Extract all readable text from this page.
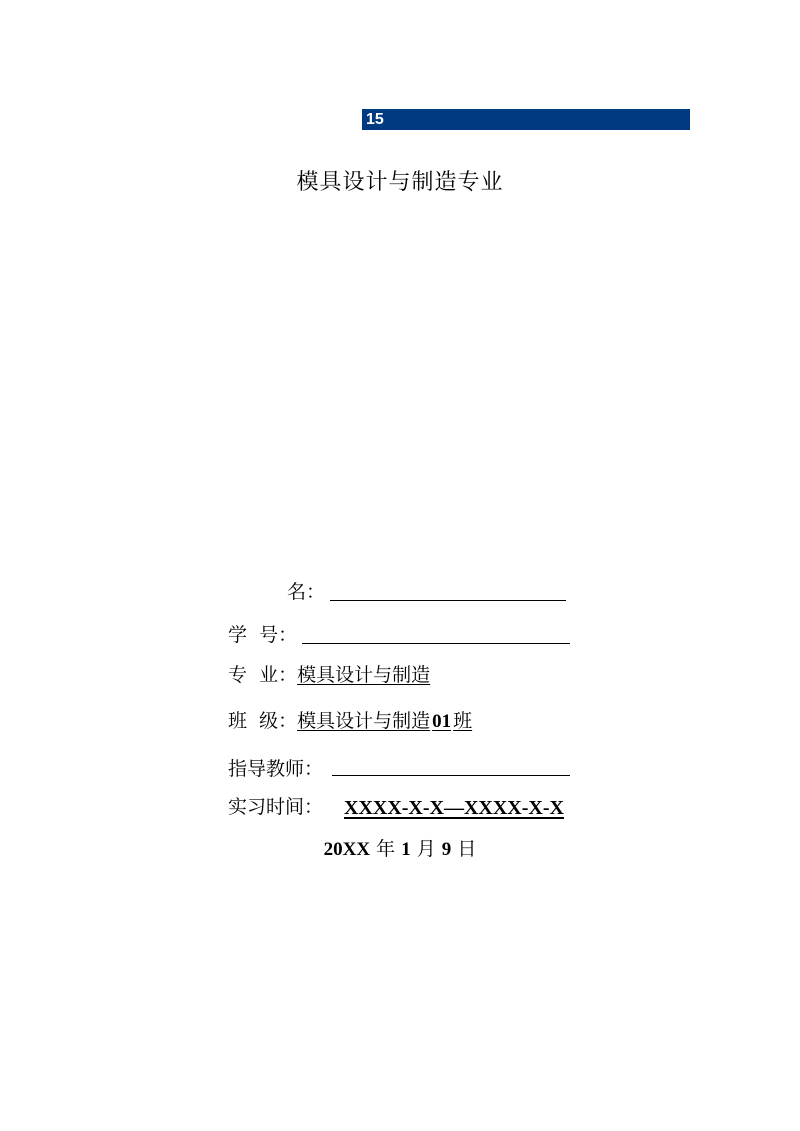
15
模具设计与制造专业
名：
学  号：
专  业：模具设计与制造
班  级：模具设计与制造 01 班
指导教师：
实习时间： XXXX-X-X—XXXX-X-X
20XX 年 1 月 9 日
